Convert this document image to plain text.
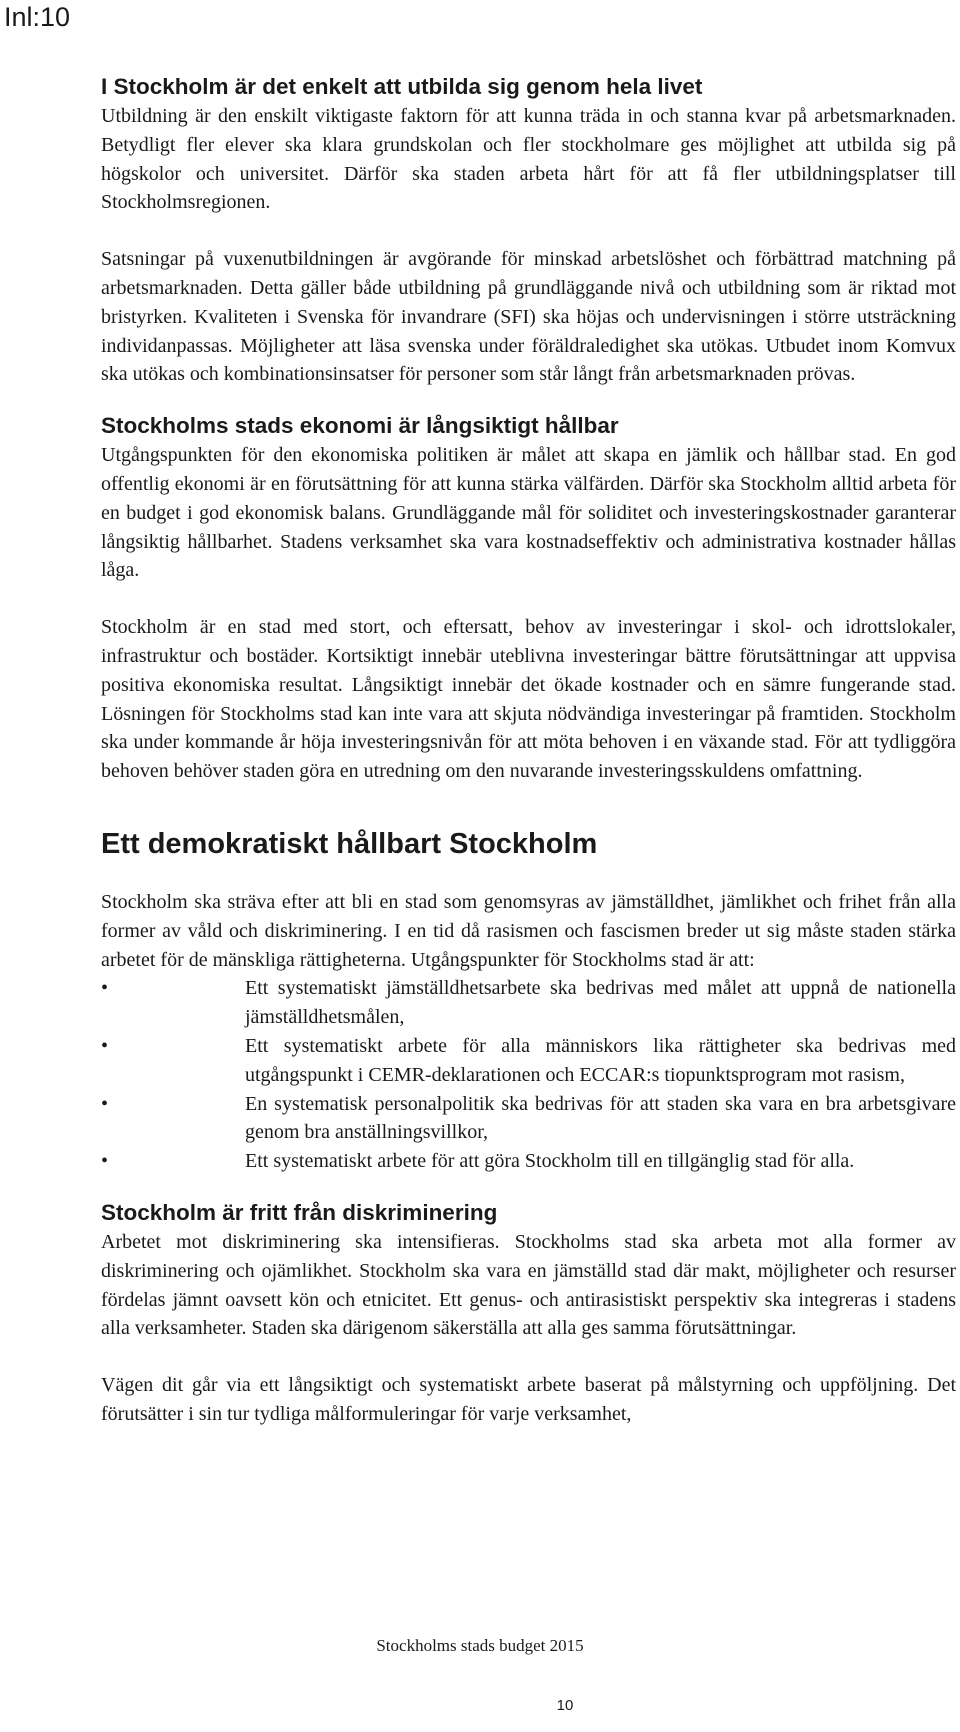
Inl:10
I Stockholm är det enkelt att utbilda sig genom hela livet

Utbildning är den enskilt viktigaste faktorn för att kunna träda in och stanna kvar på arbetsmarknaden. Betydligt fler elever ska klara grundskolan och fler stockholmare ges möjlighet att utbilda sig på högskolor och universitet. Därför ska staden arbeta hårt för att få fler utbildningsplatser till Stockholmsregionen.

Satsningar på vuxenutbildningen är avgörande för minskad arbetslöshet och förbättrad matchning på arbetsmarknaden. Detta gäller både utbildning på grundläggande nivå och utbildning som är riktad mot bristyrken. Kvaliteten i Svenska för invandrare (SFI) ska höjas och undervisningen i större utsträckning individanpassas. Möjligheter att läsa svenska under föräldraledighet ska utökas. Utbudet inom Komvux ska utökas och kombinationsinsatser för personer som står långt från arbetsmarknaden prövas.

Stockholms stads ekonomi är långsiktigt hållbar

Utgångspunkten för den ekonomiska politiken är målet att skapa en jämlik och hållbar stad. En god offentlig ekonomi är en förutsättning för att kunna stärka välfärden. Därför ska Stockholm alltid arbeta för en budget i god ekonomisk balans. Grundläggande mål för soliditet och investeringskostnader garanterar långsiktig hållbarhet. Stadens verksamhet ska vara kostnadseffektiv och administrativa kostnader hållas låga.

Stockholm är en stad med stort, och eftersatt, behov av investeringar i skol- och idrottslokaler, infrastruktur och bostäder. Kortsiktigt innebär uteblivna investeringar bättre förutsättningar att uppvisa positiva ekonomiska resultat. Långsiktigt innebär det ökade kostnader och en sämre fungerande stad. Lösningen för Stockholms stad kan inte vara att skjuta nödvändiga investeringar på framtiden. Stockholm ska under kommande år höja investeringsnivån för att möta behoven i en växande stad. För att tydliggöra behoven behöver staden göra en utredning om den nuvarande investeringsskuldens omfattning.

Ett demokratiskt hållbart Stockholm

Stockholm ska sträva efter att bli en stad som genomsyras av jämställdhet, jämlikhet och frihet från alla former av våld och diskriminering. I en tid då rasismen och fascismen breder ut sig måste staden stärka arbetet för de mänskliga rättigheterna. Utgångspunkter för Stockholms stad är att:

•	Ett systematiskt jämställdhetsarbete ska bedrivas med målet att uppnå de nationella jämställdhetsmålen,
•	Ett systematiskt arbete för alla människors lika rättigheter ska bedrivas med utgångspunkt i CEMR-deklarationen och ECCAR:s tiopunktsprogram mot rasism,
•	En systematisk personalpolitik ska bedrivas för att staden ska vara en bra arbetsgivare genom bra anställningsvillkor,
•	Ett systematiskt arbete för att göra Stockholm till en tillgänglig stad för alla.
Stockholm är fritt från diskriminering

Arbetet mot diskriminering ska intensifieras. Stockholms stad ska arbeta mot alla former av diskriminering och ojämlikhet. Stockholm ska vara en jämställd stad där makt, möjligheter och resurser fördelas jämnt oavsett kön och etnicitet. Ett genus- och antirasistiskt perspektiv ska integreras i stadens alla verksamheter. Staden ska därigenom säkerställa att alla ges samma förutsättningar.

Vägen dit går via ett långsiktigt och systematiskt arbete baserat på målstyrning och uppföljning. Det förutsätter i sin tur tydliga målformuleringar för varje verksamhet,

Stockholms stads budget 2015
10
